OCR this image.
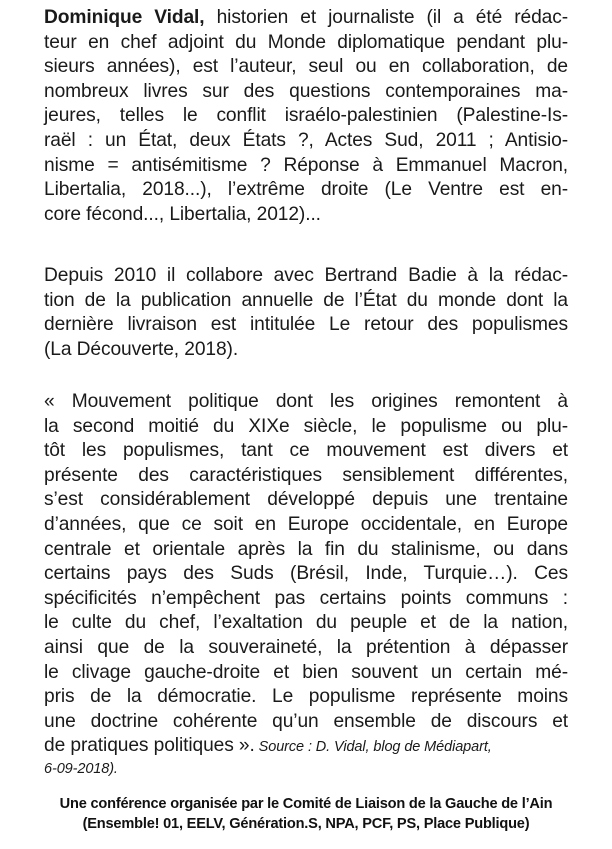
Dominique Vidal, historien et journaliste (il a été rédac-
teur en chef adjoint du Monde diplomatique pendant plu-
sieurs années), est l’auteur, seul ou en collaboration, de
nombreux livres sur des questions contemporaines ma-
jeures, telles le conflit israélo-palestinien (Palestine-Is-
raël : un État, deux États ?, Actes Sud, 2011 ; Antisio-
nisme = antisémitisme ? Réponse à Emmanuel Macron,
Libertalia, 2018...), l’extrême droite (Le Ventre est en-
core fécond..., Libertalia, 2012)...
Depuis 2010 il collabore avec Bertrand Badie à la rédac-
tion de la publication annuelle de l’État du monde dont la
dernière livraison est intitulée Le retour des populismes
(La Découverte, 2018).
« Mouvement politique dont les origines remontent à
la second moitié du XIXe siècle, le populisme ou plu-
tôt les populismes, tant ce mouvement est divers et
présente des caractéristiques sensiblement différentes,
s’est considérablement développé depuis une trentaine
d’années, que ce soit en Europe occidentale, en Europe
centrale et orientale après la fin du stalinisme, ou dans
certains pays des Suds (Brésil, Inde, Turquie…). Ces
spécificités n’empêchent pas certains points communs :
le culte du chef, l’exaltation du peuple et de la nation,
ainsi que de la souveraineté, la prétention à dépasser
le clivage gauche-droite et bien souvent un certain mé-
pris de la démocratie. Le populisme représente moins
une doctrine cohérente qu’un ensemble de discours et
de pratiques politiques ». Source : D. Vidal, blog de Médiapart,
6-09-2018).
Une conférence organisée par le Comité de Liaison de la Gauche de l’Ain
(Ensemble! 01, EELV, Génération.S, NPA, PCF, PS, Place Publique)
